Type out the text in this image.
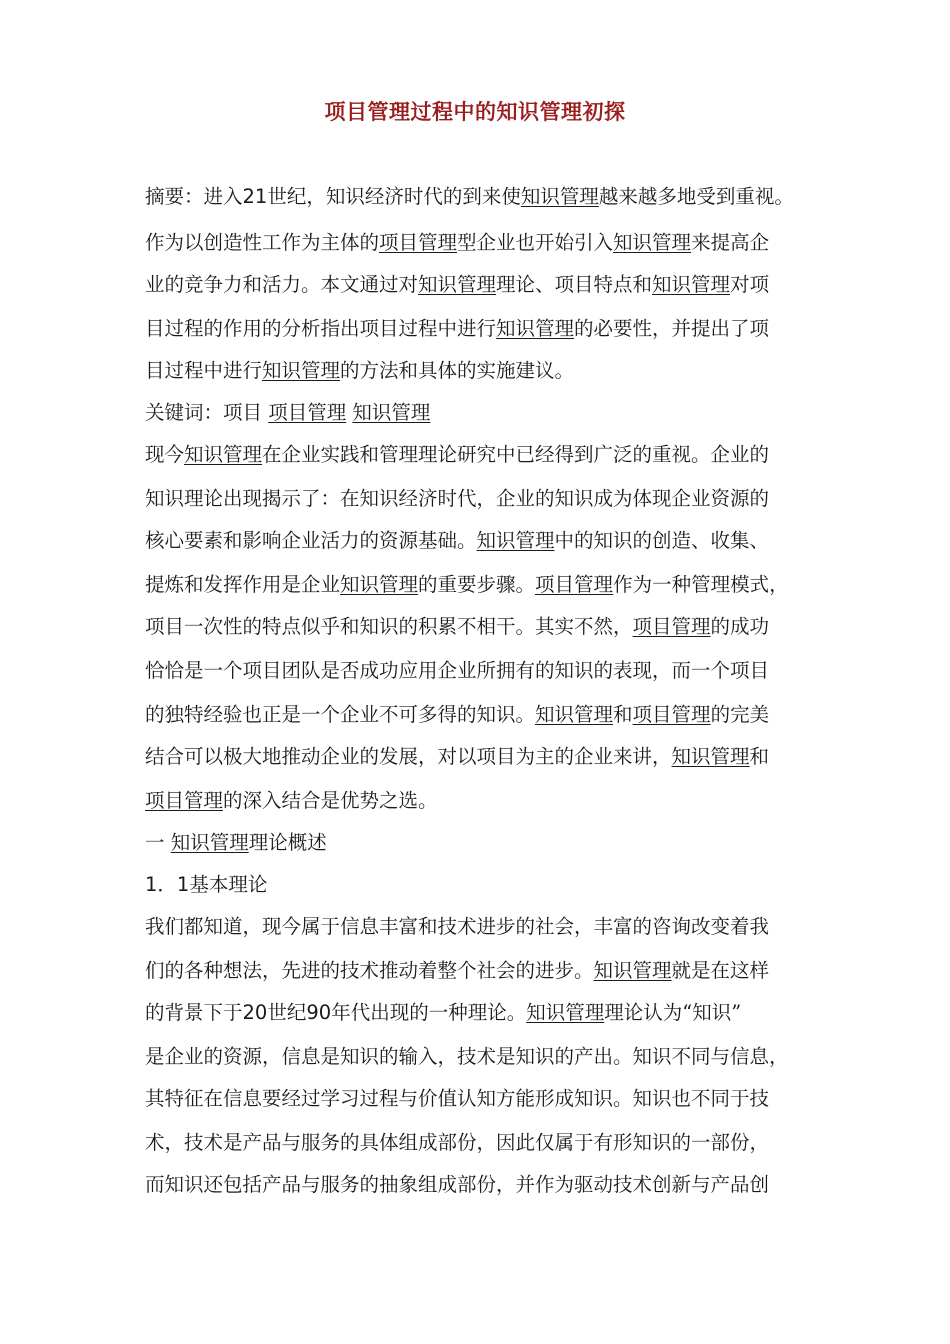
项目管理过程中的知识管理初探
摘要：进入21世纪，知识经济时代的到来使知识管理越来越多地受到重视。
作为以创造性工作为主体的项目管理型企业也开始引入知识管理来提高企
业的竞争力和活力。本文通过对知识管理理论、项目特点和知识管理对项
目过程的作用的分析指出项目过程中进行知识管理的必要性，并提出了项
目过程中进行知识管理的方法和具体的实施建议。
关键词：项目 项目管理 知识管理
现今知识管理在企业实践和管理理论研究中已经得到广泛的重视。企业的
知识理论出现揭示了：在知识经济时代，企业的知识成为体现企业资源的
核心要素和影响企业活力的资源基础。知识管理中的知识的创造、收集、
提炼和发挥作用是企业知识管理的重要步骤。项目管理作为一种管理模式，
项目一次性的特点似乎和知识的积累不相干。其实不然，项目管理的成功
恰恰是一个项目团队是否成功应用企业所拥有的知识的表现，而一个项目
的独特经验也正是一个企业不可多得的知识。知识管理和项目管理的完美
结合可以极大地推动企业的发展，对以项目为主的企业来讲，知识管理和
项目管理的深入结合是优势之选。
一 知识管理理论概述
1．1基本理论
我们都知道，现今属于信息丰富和技术进步的社会，丰富的咨询改变着我
们的各种想法，先进的技术推动着整个社会的进步。知识管理就是在这样
的背景下于20世纪90年代出现的一种理论。知识管理理论认为“知识”
是企业的资源，信息是知识的输入，技术是知识的产出。知识不同与信息，
其特征在信息要经过学习过程与价值认知方能形成知识。知识也不同于技
术，技术是产品与服务的具体组成部份，因此仅属于有形知识的一部份，
而知识还包括产品与服务的抽象组成部份，并作为驱动技术创新与产品创
